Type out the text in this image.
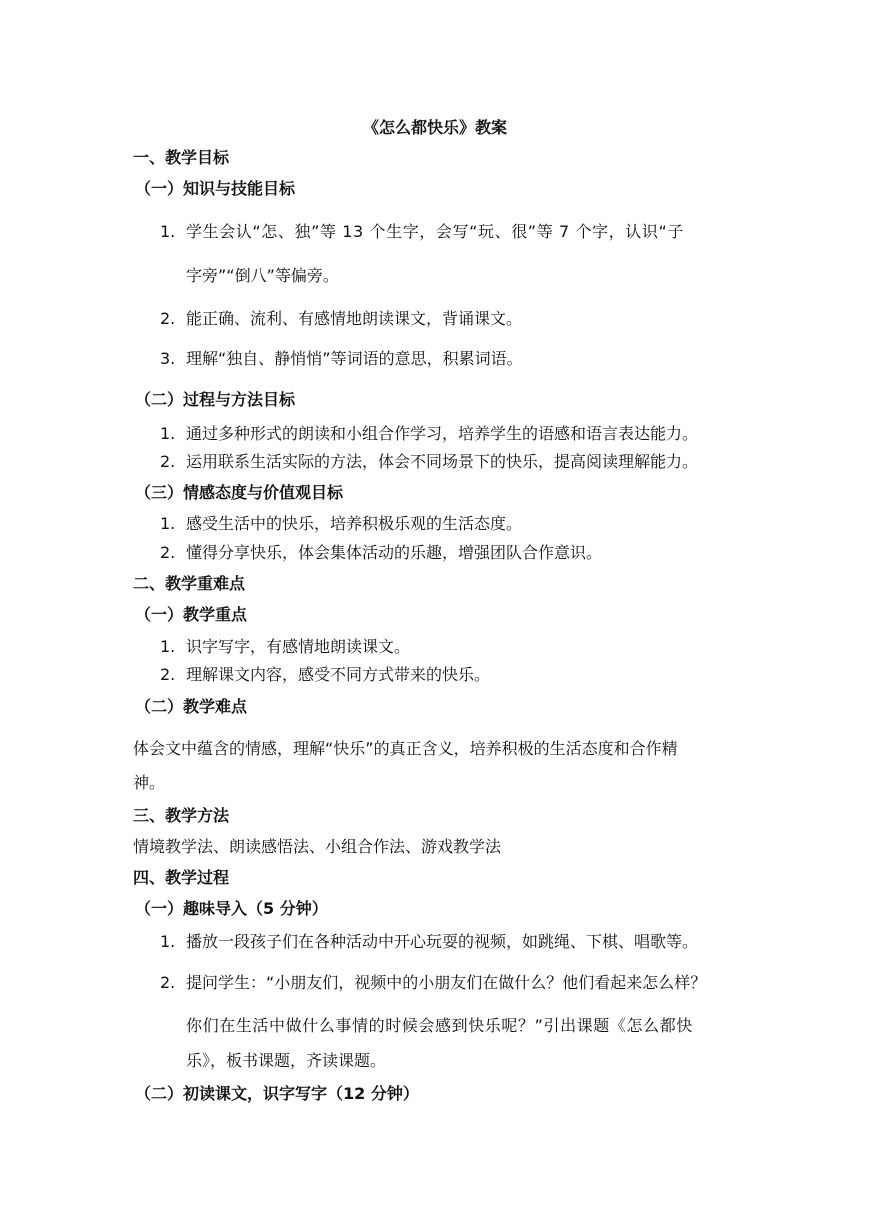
《怎么都快乐》教案
一、教学目标
（一）知识与技能目标
1. 学生会认“怎、独”等 13 个生字，会写“玩、很”等 7 个字，认识“子
字旁”“倒八”等偏旁。
2. 能正确、流利、有感情地朗读课文，背诵课文。
3. 理解“独自、静悄悄”等词语的意思，积累词语。
（二）过程与方法目标
1. 通过多种形式的朗读和小组合作学习，培养学生的语感和语言表达能力。
2. 运用联系生活实际的方法，体会不同场景下的快乐，提高阅读理解能力。
（三）情感态度与价值观目标
1. 感受生活中的快乐，培养积极乐观的生活态度。
2. 懂得分享快乐，体会集体活动的乐趣，增强团队合作意识。
二、教学重难点
（一）教学重点
1. 识字写字，有感情地朗读课文。
2. 理解课文内容，感受不同方式带来的快乐。
（二）教学难点
体会文中蕴含的情感，理解“快乐”的真正含义，培养积极的生活态度和合作精
神。
三、教学方法
情境教学法、朗读感悟法、小组合作法、游戏教学法
四、教学过程
（一）趣味导入（5 分钟）
1. 播放一段孩子们在各种活动中开心玩耍的视频，如跳绳、下棋、唱歌等。
2. 提问学生：“小朋友们，视频中的小朋友们在做什么？他们看起来怎么样？
你们在生活中做什么事情的时候会感到快乐呢？”引出课题《怎么都快
乐》，板书课题，齐读课题。
（二）初读课文，识字写字（12 分钟）
